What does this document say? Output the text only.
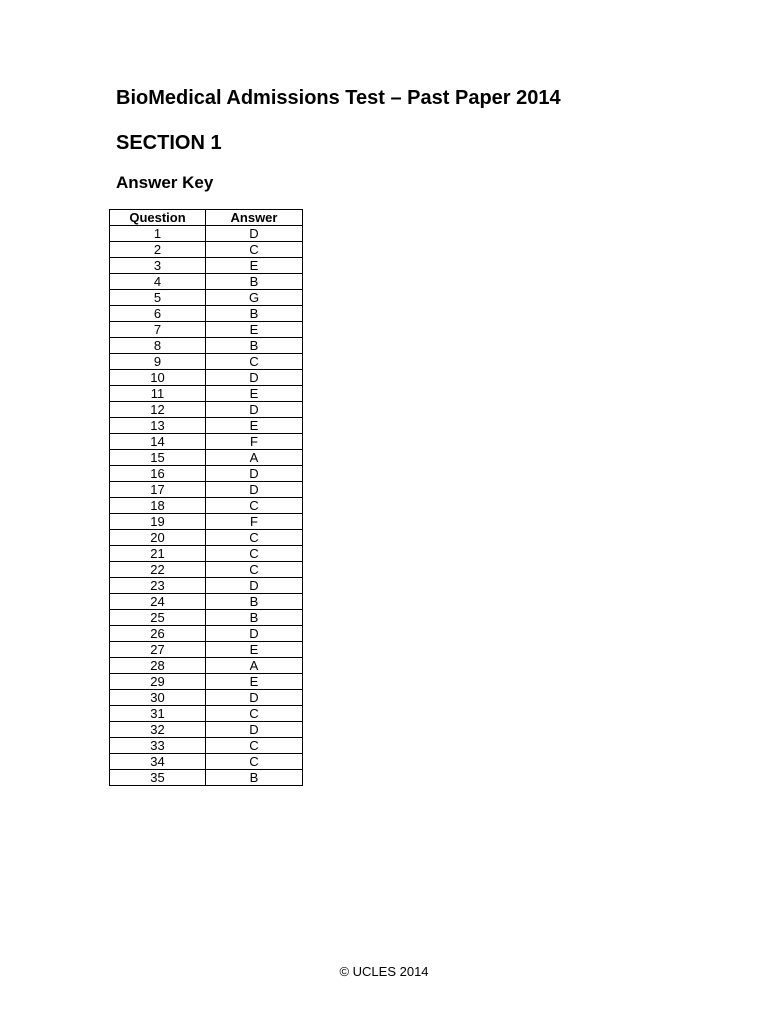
BioMedical Admissions Test – Past Paper 2014
SECTION 1
Answer Key
Question	Answer
1	D
2	C
3	E
4	B
5	G
6	B
7	E
8	B
9	C
10	D
11	E
12	D
13	E
14	F
15	A
16	D
17	D
18	C
19	F
20	C
21	C
22	C
23	D
24	B
25	B
26	D
27	E
28	A
29	E
30	D
31	C
32	D
33	C
34	C
35	B
© UCLES 2014
